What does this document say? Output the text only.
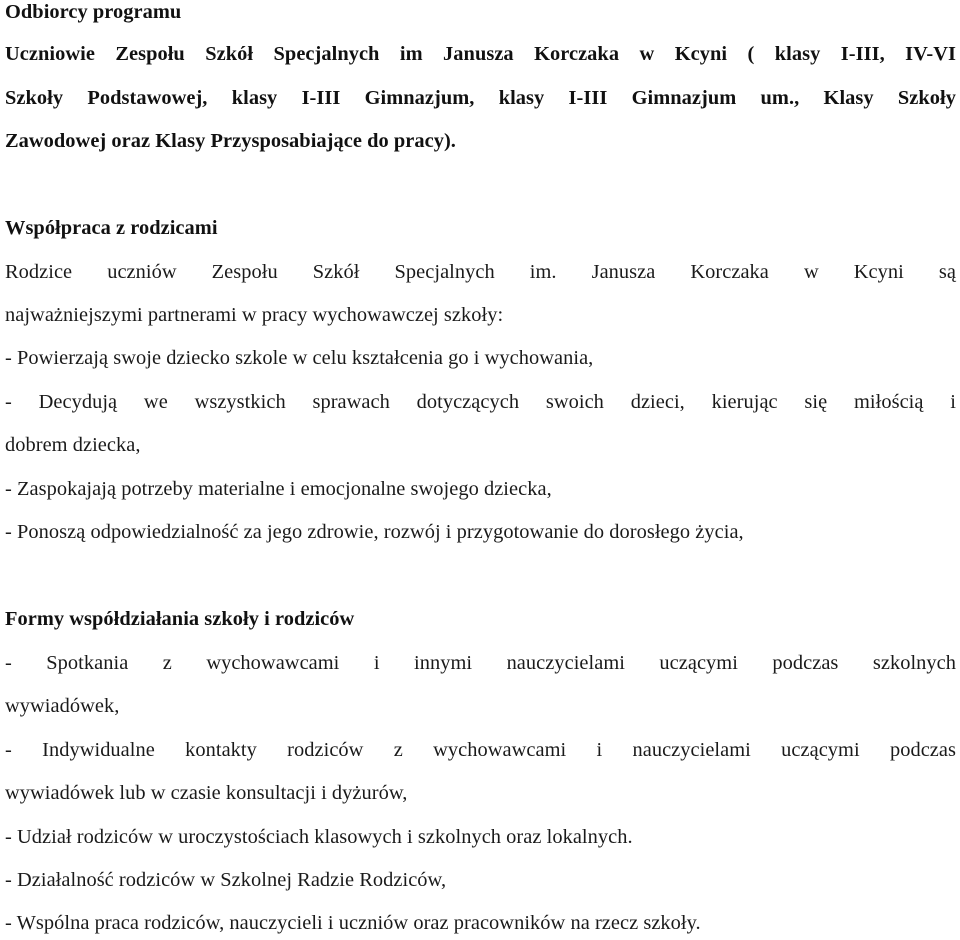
Odbiorcy programu
Uczniowie Zespołu Szkół Specjalnych im Janusza Korczaka w Kcyni ( klasy I-III, IV-VI
Szkoły Podstawowej, klasy I-III Gimnazjum, klasy I-III Gimnazjum um., Klasy Szkoły
Zawodowej oraz Klasy Przysposabiające do pracy).
Współpraca z rodzicami
Rodzice uczniów Zespołu Szkół Specjalnych im. Janusza Korczaka w Kcyni są
najważniejszymi partnerami w pracy wychowawczej szkoły:
- Powierzają swoje dziecko szkole w celu kształcenia go i wychowania,
- Decydują we wszystkich sprawach dotyczących swoich dzieci, kierując się miłością i
dobrem dziecka,
- Zaspokajają potrzeby materialne i emocjonalne swojego dziecka,
- Ponoszą odpowiedzialność za jego zdrowie, rozwój i przygotowanie do dorosłego życia,
Formy współdziałania szkoły i rodziców
- Spotkania z wychowawcami i innymi nauczycielami uczącymi podczas szkolnych
wywiadówek,
- Indywidualne kontakty rodziców z wychowawcami i nauczycielami uczącymi podczas
wywiadówek lub w czasie konsultacji i dyżurów,
- Udział rodziców w uroczystościach klasowych i szkolnych oraz lokalnych.
- Działalność rodziców w Szkolnej Radzie Rodziców,
- Wspólna praca rodziców, nauczycieli i uczniów oraz pracowników na rzecz szkoły.
